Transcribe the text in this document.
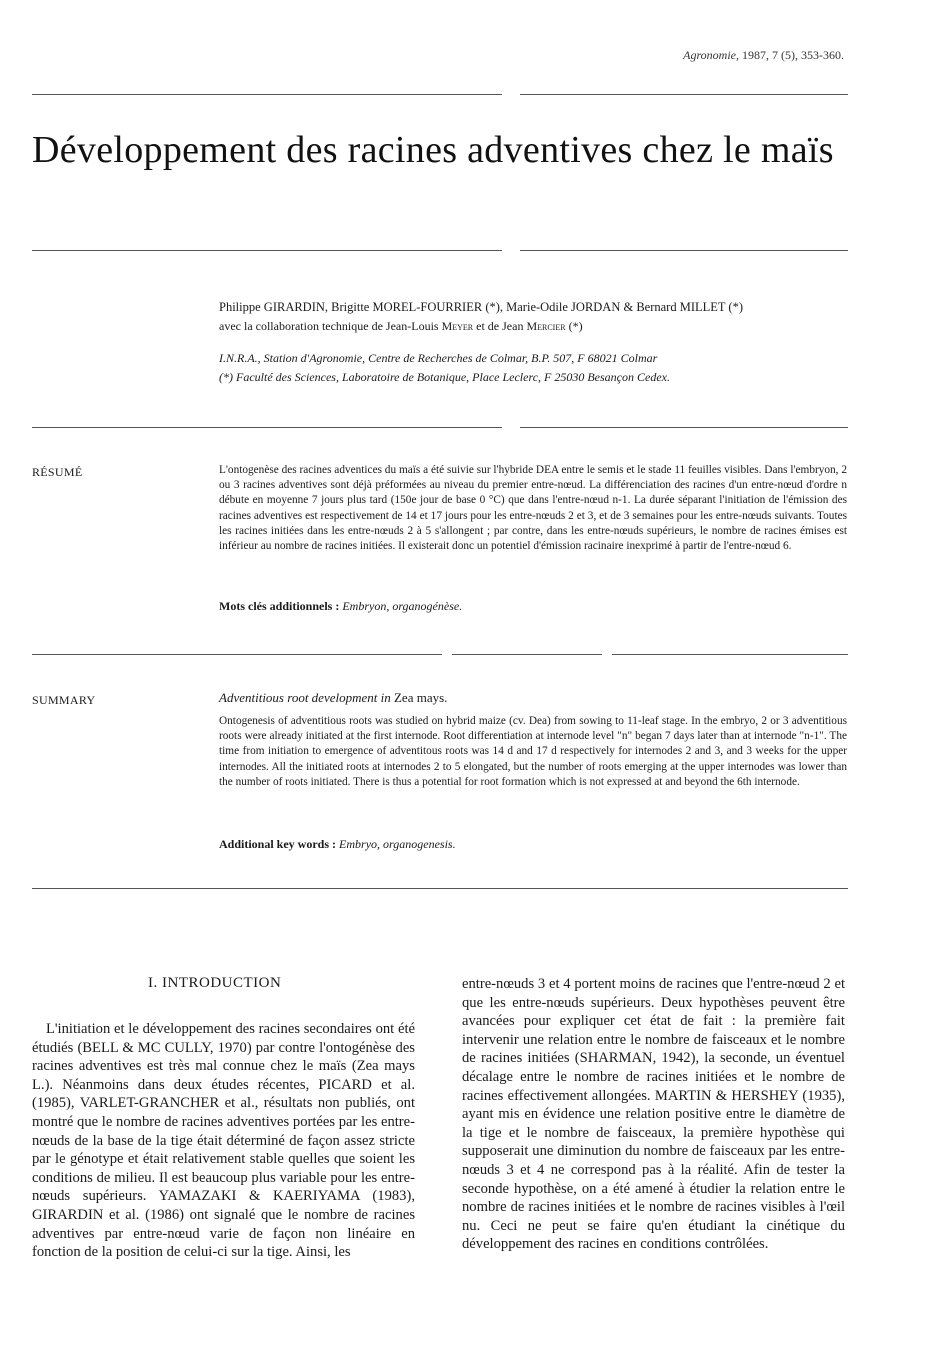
Agronomie, 1987, 7 (5), 353-360.
Développement des racines adventives chez le maïs
Philippe GIRARDIN, Brigitte MOREL-FOURRIER (*), Marie-Odile JORDAN & Bernard MILLET (*)
avec la collaboration technique de Jean-Louis Meyer et de Jean Mercier (*)
I.N.R.A., Station d'Agronomie, Centre de Recherches de Colmar, B.P. 507, F 68021 Colmar
(*) Faculté des Sciences, Laboratoire de Botanique, Place Leclerc, F 25030 Besançon Cedex.
RÉSUMÉ	L'ontogenèse des racines adventices du maïs a été suivie sur l'hybride DEA entre le semis et le stade 11 feuilles visibles. Dans l'embryon, 2 ou 3 racines adventives sont déjà préformées au niveau du premier entre-nœud. La différenciation des racines d'un entre-nœud d'ordre n débute en moyenne 7 jours plus tard (150e jour de base 0 °C) que dans l'entre-nœud n-1. La durée séparant l'initiation de l'émission des racines adventives est respectivement de 14 et 17 jours pour les entre-nœuds 2 et 3, et de 3 semaines pour les entre-nœuds suivants. Toutes les racines initiées dans les entre-nœuds 2 à 5 s'allongent ; par contre, dans les entre-nœuds supérieurs, le nombre de racines émises est inférieur au nombre de racines initiées. Il existerait donc un potentiel d'émission racinaire inexprimé à partir de l'entre-nœud 6.
Mots clés additionnels : Embryon, organogénèse.
SUMMARY	Adventitious root development in Zea mays.
Ontogenesis of adventitious roots was studied on hybrid maize (cv. Dea) from sowing to 11-leaf stage. In the embryo, 2 or 3 adventitious roots were already initiated at the first internode. Root differentiation at internode level "n" began 7 days later than at internode "n-1". The time from initiation to emergence of adventitous roots was 14 d and 17 d respectively for internodes 2 and 3, and 3 weeks for the upper internodes. All the initiated roots at internodes 2 to 5 elongated, but the number of roots emerging at the upper internodes was lower than the number of roots initiated. There is thus a potential for root formation which is not expressed at and beyond the 6th internode.
Additional key words : Embryo, organogenesis.
I. INTRODUCTION

L'initiation et le développement des racines secondaires ont été étudiés (BELL & MC CULLY, 1970) par contre l'ontogénèse des racines adventives est très mal connue chez le maïs (Zea mays L.). Néanmoins dans deux études récentes, PICARD et al. (1985), VARLET-GRANCHER et al., résultats non publiés, ont montré que le nombre de racines adventives portées par les entre-nœuds de la base de la tige était déterminé de façon assez stricte par le génotype et était relativement stable quelles que soient les conditions de milieu. Il est beaucoup plus variable pour les entre-nœuds supérieurs. YAMAZAKI & KAERIYAMA (1983), GIRARDIN et al. (1986) ont signalé que le nombre de racines adventives par entre-nœud varie de façon non linéaire en fonction de la position de celui-ci sur la tige. Ainsi, les

entre-nœuds 3 et 4 portent moins de racines que l'entre-nœud 2 et que les entre-nœuds supérieurs. Deux hypothèses peuvent être avancées pour expliquer cet état de fait : la première fait intervenir une relation entre le nombre de faisceaux et le nombre de racines initiées (SHARMAN, 1942), la seconde, un éventuel décalage entre le nombre de racines initiées et le nombre de racines effectivement allongées. MARTIN & HERSHEY (1935), ayant mis en évidence une relation positive entre le diamètre de la tige et le nombre de faisceaux, la première hypothèse qui supposerait une diminution du nombre de faisceaux par les entre-nœuds 3 et 4 ne correspond pas à la réalité. Afin de tester la seconde hypothèse, on a été amené à étudier la relation entre le nombre de racines initiées et le nombre de racines visibles à l'œil nu. Ceci ne peut se faire qu'en étudiant la cinétique du développement des racines en conditions contrôlées.
